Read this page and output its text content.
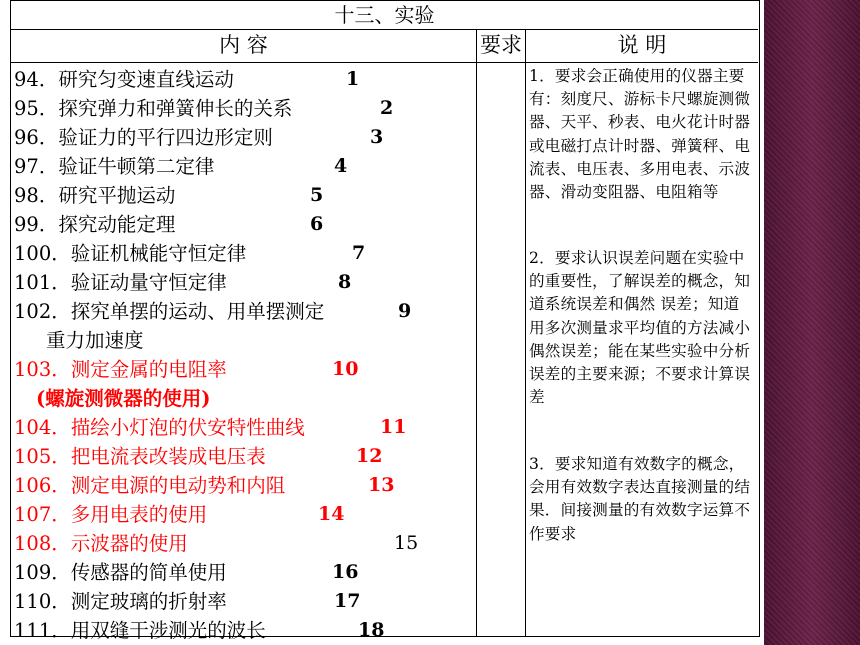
十三、实验
内 容	要求	说 明
94．研究匀变速直线运动	1
95．探究弹力和弹簧伸长的关系	2
96．验证力的平行四边形定则	3
97．验证牛顿第二定律	4
98．研究平抛运动	5
99．探究动能定理	6
100．验证机械能守恒定律	7
101．验证动量守恒定律	8
102．探究单摆的运动、用单摆测定	9
重力加速度
103．测定金属的电阻率	10
(螺旋测微器的使用)
104．描绘小灯泡的伏安特性曲线	11
105．把电流表改装成电压表	12
106．测定电源的电动势和内阻	13
107．多用电表的使用	14
108．示波器的使用	15
109．传感器的简单使用	16
110．测定玻璃的折射率	17
111．用双缝干涉测光的波长	18

1．要求会正确使用的仪器主要有：刻度尺、游标卡尺螺旋测微器、天平、秒表、电火花计时器或电磁打点计时器、弹簧秤、电流表、电压表、多用电表、示波器、滑动变阻器、电阻箱等

2．要求认识误差问题在实验中的重要性，了解误差的概念，知道系统误差和偶然 误差；知道用多次测量求平均值的方法减小偶然误差；能在某些实验中分析误差的主要来源；不要求计算误差

3．要求知道有效数字的概念，会用有效数字表达直接测量的结果．间接测量的有效数字运算不作要求
